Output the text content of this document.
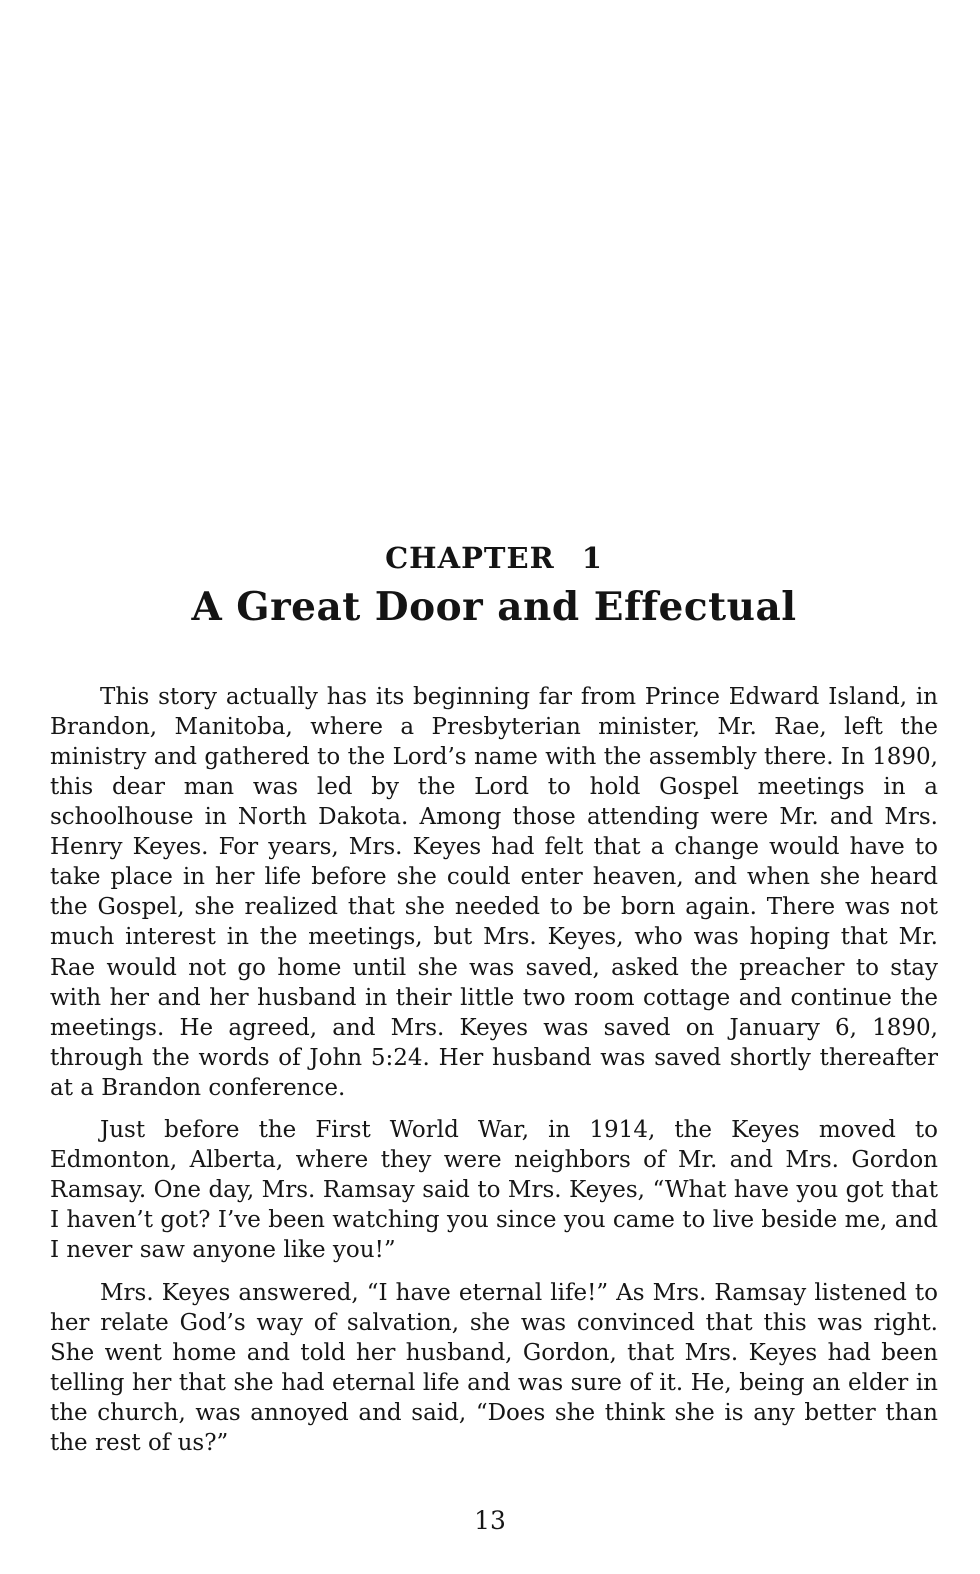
CHAPTER 1
A Great Door and Effectual

This story actually has its beginning far from Prince Edward Island, in Brandon, Manitoba, where a Presbyterian minister, Mr. Rae, left the ministry and gathered to the Lord’s name with the assembly there. In 1890, this dear man was led by the Lord to hold Gospel meetings in a schoolhouse in North Dakota. Among those attending were Mr. and Mrs. Henry Keyes. For years, Mrs. Keyes had felt that a change would have to take place in her life before she could enter heaven, and when she heard the Gospel, she realized that she needed to be born again. There was not much interest in the meetings, but Mrs. Keyes, who was hoping that Mr. Rae would not go home until she was saved, asked the preacher to stay with her and her husband in their little two room cottage and continue the meetings. He agreed, and Mrs. Keyes was saved on January 6, 1890, through the words of John 5:24. Her husband was saved shortly thereafter at a Brandon conference.

Just before the First World War, in 1914, the Keyes moved to Edmonton, Alberta, where they were neighbors of Mr. and Mrs. Gordon Ramsay. One day, Mrs. Ramsay said to Mrs. Keyes, “What have you got that I haven’t got? I’ve been watching you since you came to live beside me, and I never saw anyone like you!”

Mrs. Keyes answered, “I have eternal life!” As Mrs. Ramsay listened to her relate God’s way of salvation, she was convinced that this was right. She went home and told her husband, Gordon, that Mrs. Keyes had been telling her that she had eternal life and was sure of it. He, being an elder in the church, was annoyed and said, “Does she think she is any better than the rest of us?”

13
